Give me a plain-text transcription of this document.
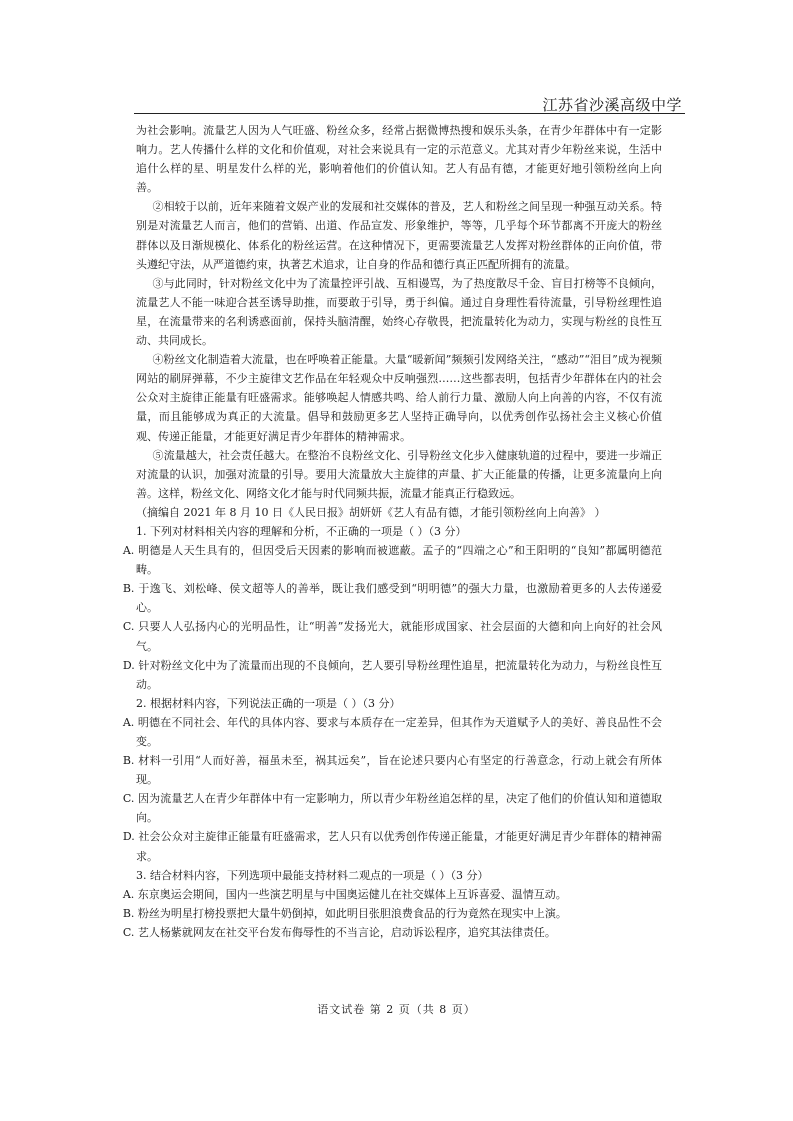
江苏省沙溪高级中学

为社会影响。流量艺人因为人气旺盛、粉丝众多，经常占据微博热搜和娱乐头条，在青少年群体中有一定影响力。艺人传播什么样的文化和价值观，对社会来说具有一定的示范意义。尤其对青少年粉丝来说，生活中追什么样的星、明星发什么样的光，影响着他们的价值认知。艺人有品有德，才能更好地引领粉丝向上向善。

②相较于以前，近年来随着文娱产业的发展和社交媒体的普及，艺人和粉丝之间呈现一种强互动关系。特别是对流量艺人而言，他们的营销、出道、作品宣发、形象维护，等等，几乎每个环节都离不开庞大的粉丝群体以及日渐规模化、体系化的粉丝运营。在这种情况下，更需要流量艺人发挥对粉丝群体的正向价值，带头遵纪守法，从严道德约束，执著艺术追求，让自身的作品和德行真正匹配所拥有的流量。

③与此同时，针对粉丝文化中为了流量控评引战、互相谩骂，为了热度散尽千金、盲目打榜等不良倾向，流量艺人不能一味迎合甚至诱导助推，而要敢于引导，勇于纠偏。通过自身理性看待流量，引导粉丝理性追星，在流量带来的名利诱惑面前，保持头脑清醒，始终心存敬畏，把流量转化为动力，实现与粉丝的良性互动、共同成长。

④粉丝文化制造着大流量，也在呼唤着正能量。大量“暖新闻”频频引发网络关注，“感动”“泪目”成为视频网站的刷屏弹幕，不少主旋律文艺作品在年轻观众中反响强烈……这些都表明，包括青少年群体在内的社会公众对主旋律正能量有旺盛需求。能够唤起人情感共鸣、给人前行力量、激励人向上向善的内容，不仅有流量，而且能够成为真正的大流量。倡导和鼓励更多艺人坚持正确导向，以优秀创作弘扬社会主义核心价值观、传递正能量，才能更好满足青少年群体的精神需求。

⑤流量越大，社会责任越大。在整治不良粉丝文化、引导粉丝文化步入健康轨道的过程中，要进一步端正对流量的认识，加强对流量的引导。要用大流量放大主旋律的声量、扩大正能量的传播，让更多流量向上向善。这样，粉丝文化、网络文化才能与时代同频共振，流量才能真正行稳致远。

（摘编自 2021 年 8 月 10 日《人民日报》胡妍妍《艺人有品有德，才能引领粉丝向上向善》 ）

1. 下列对材料相关内容的理解和分析，不正确的一项是（ ）（3 分）

A. 明德是人天生具有的，但因受后天因素的影响而被遮蔽。孟子的“四端之心”和王阳明的“良知”都属明德范畴。

B. 于逸飞、刘松峰、侯文超等人的善举，既让我们感受到“明明德”的强大力量，也激励着更多的人去传递爱心。

C. 只要人人弘扬内心的光明品性，让“明善”发扬光大，就能形成国家、社会层面的大德和向上向好的社会风气。

D. 针对粉丝文化中为了流量而出现的不良倾向，艺人要引导粉丝理性追星，把流量转化为动力，与粉丝良性互动。

2. 根据材料内容，下列说法正确的一项是（ ）（3 分）

A. 明德在不同社会、年代的具体内容、要求与本质存在一定差异，但其作为天道赋予人的美好、善良品性不会变。

B. 材料一引用“人而好善，福虽未至，祸其远矣”，旨在论述只要内心有坚定的行善意念，行动上就会有所体现。

C. 因为流量艺人在青少年群体中有一定影响力，所以青少年粉丝追怎样的星，决定了他们的价值认知和道德取向。

D. 社会公众对主旋律正能量有旺盛需求，艺人只有以优秀创作传递正能量，才能更好满足青少年群体的精神需求。

3. 结合材料内容，下列选项中最能支持材料二观点的一项是（ ）（3 分）

A. 东京奥运会期间，国内一些演艺明星与中国奥运健儿在社交媒体上互诉喜爱、温情互动。

B. 粉丝为明星打榜投票把大量牛奶倒掉，如此明目张胆浪费食品的行为竟然在现实中上演。

C. 艺人杨紫就网友在社交平台发布侮辱性的不当言论，启动诉讼程序，追究其法律责任。

语文试卷 第 2 页（共 8 页）
